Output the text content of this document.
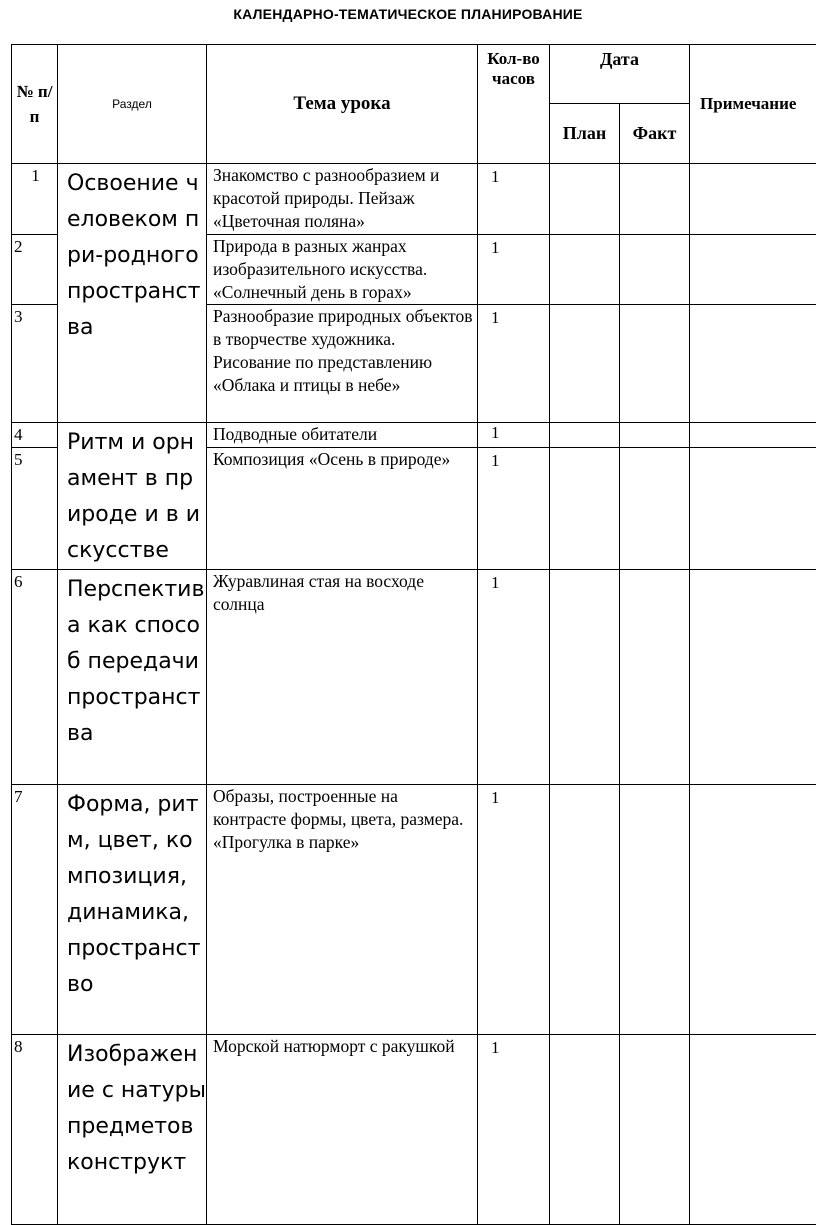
КАЛЕНДАРНО-ТЕМАТИЧЕСКОЕ ПЛАНИРОВАНИЕ
№ п/ п	Раздел	Тема урока	Кол-во часов	Дата		Примечание
				План	Факт	
1	Освоение человеком при-родного пространства	Знакомство с разнообразием и красотой природы. Пейзаж «Цветочная поляна»	1			
2		Природа в разных жанрах изобразительного искусства. «Солнечный день в горах»	1			
3		Разнообразие природных объектов в творчестве художника. Рисование по представлению «Облака и птицы в небе»	1			
4	Ритм и орнамент в природе и в искусстве	Подводные обитатели	1			
5		Композиция «Осень в природе»	1			
6	Перспектива как способ передачи пространства	Журавлиная стая на восходе солнца	1			
7	Форма, ритм, цвет, композиция, динамика, пространство	Образы, построенные на контрасте формы, цвета, размера. «Прогулка в парке»	1			
8	Изображение с натуры предметов конструкт	Морской натюрморт с ракушкой	1			
